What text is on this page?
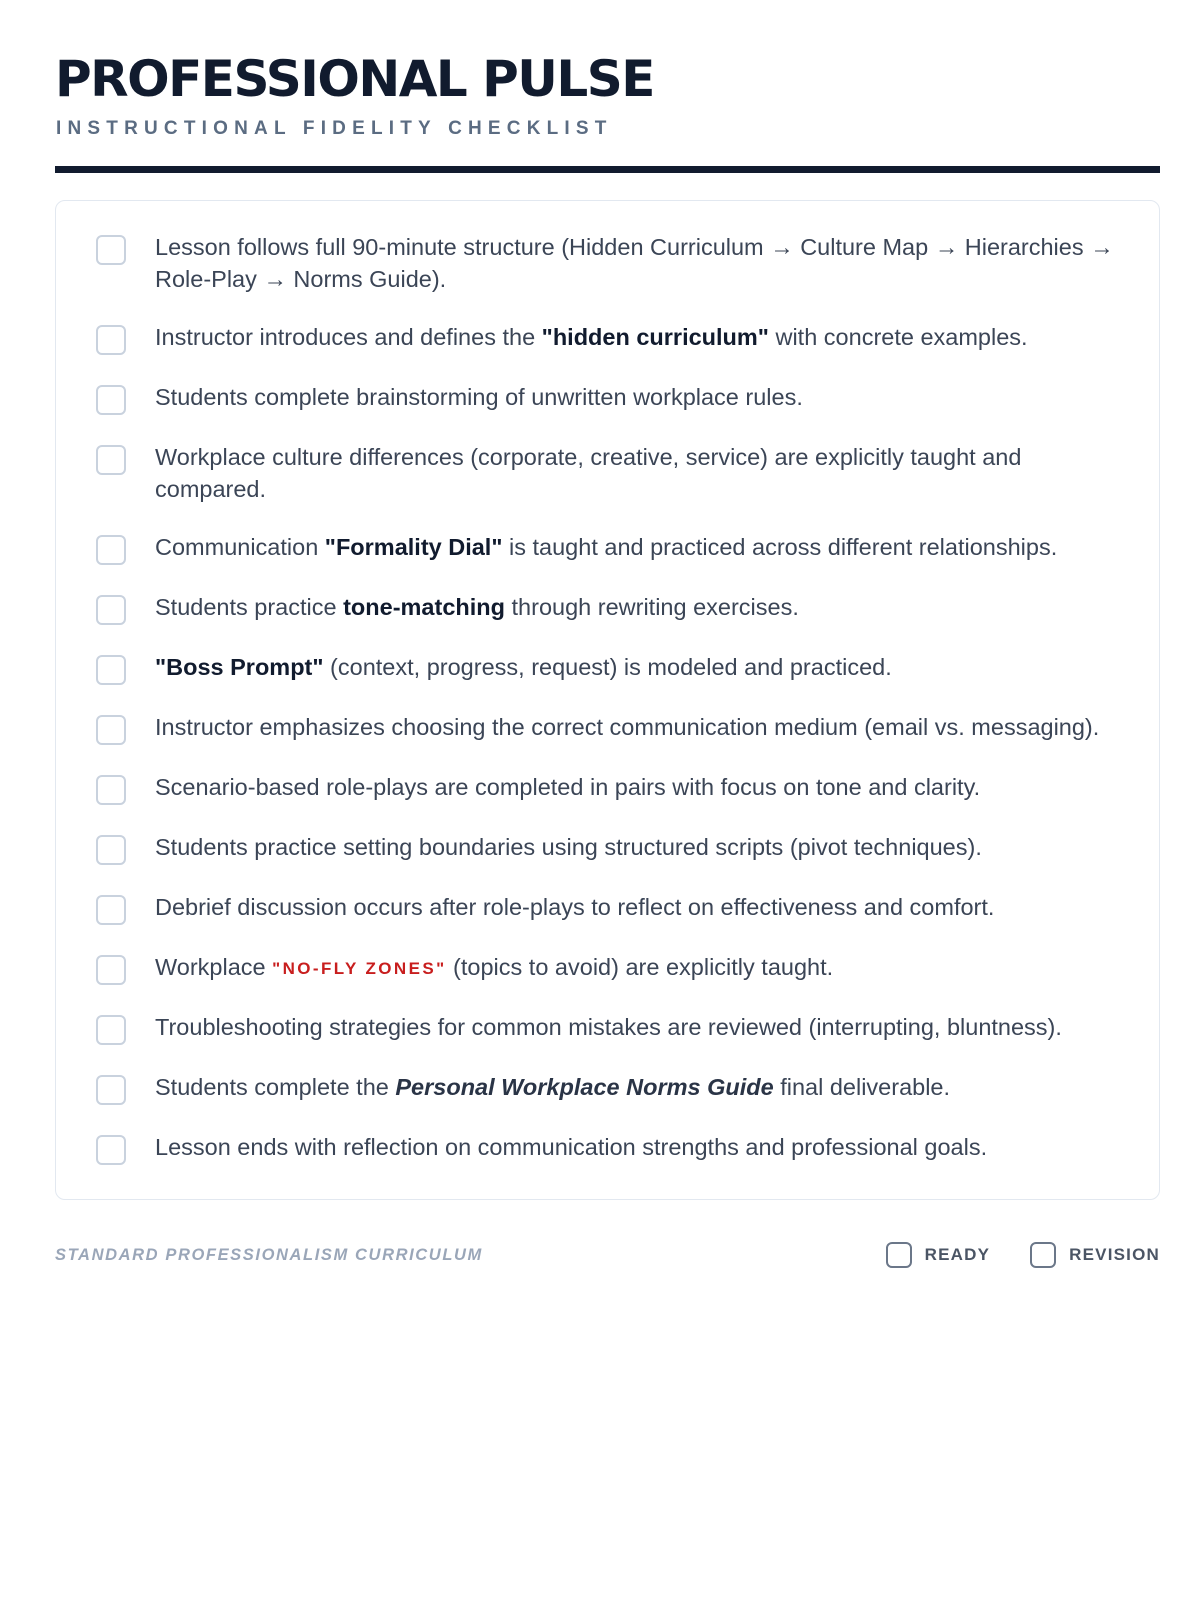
PROFESSIONAL PULSE
INSTRUCTIONAL FIDELITY CHECKLIST
Lesson follows full 90-minute structure (Hidden Curriculum → Culture Map → Hierarchies → Role-Play → Norms Guide).
Instructor introduces and defines the "hidden curriculum" with concrete examples.
Students complete brainstorming of unwritten workplace rules.
Workplace culture differences (corporate, creative, service) are explicitly taught and compared.
Communication "Formality Dial" is taught and practiced across different relationships.
Students practice tone-matching through rewriting exercises.
"Boss Prompt" (context, progress, request) is modeled and practiced.
Instructor emphasizes choosing the correct communication medium (email vs. messaging).
Scenario-based role-plays are completed in pairs with focus on tone and clarity.
Students practice setting boundaries using structured scripts (pivot techniques).
Debrief discussion occurs after role-plays to reflect on effectiveness and comfort.
Workplace "NO-FLY ZONES" (topics to avoid) are explicitly taught.
Troubleshooting strategies for common mistakes are reviewed (interrupting, bluntness).
Students complete the Personal Workplace Norms Guide final deliverable.
Lesson ends with reflection on communication strengths and professional goals.
STANDARD PROFESSIONALISM CURRICULUM	READY	REVISION
